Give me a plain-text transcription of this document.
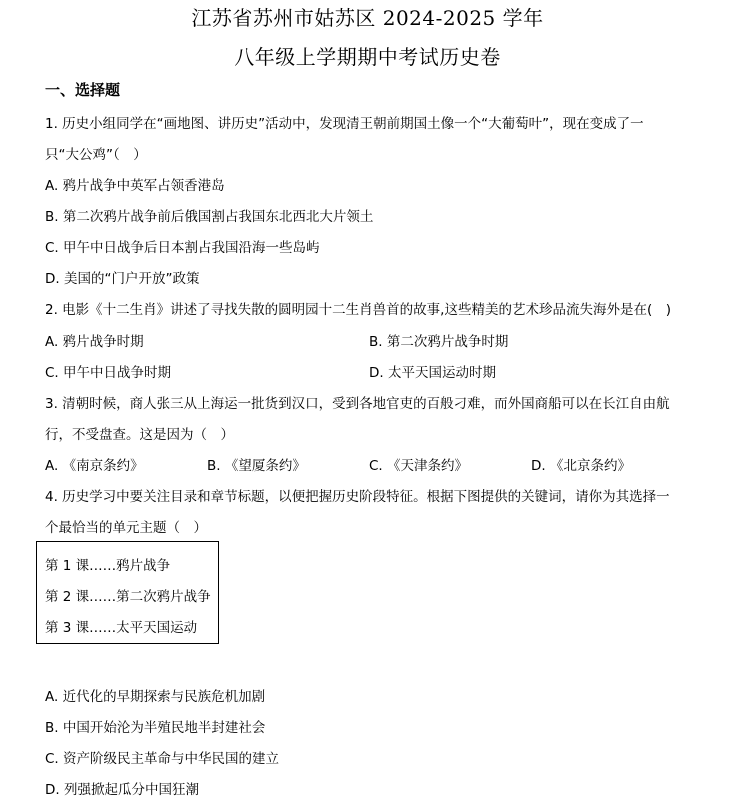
江苏省苏州市姑苏区 2024-2025 学年
八年级上学期期中考试历史卷
一、选择题
1. 历史小组同学在“画地图、讲历史”活动中，发现清王朝前期国土像一个“大葡萄叶”，现在变成了一
只“大公鸡”（　）
A. 鸦片战争中英军占领香港岛
B. 第二次鸦片战争前后俄国割占我国东北西北大片领土
C. 甲午中日战争后日本割占我国沿海一些岛屿
D. 美国的“门户开放”政策
2. 电影《十二生肖》讲述了寻找失散的圆明园十二生肖兽首的故事,这些精美的艺术珍品流失海外是在(　)
A. 鸦片战争时期	B. 第二次鸦片战争时期
C. 甲午中日战争时期	D. 太平天国运动时期
3. 清朝时候，商人张三从上海运一批货到汉口，受到各地官吏的百般刁难，而外国商船可以在长江自由航
行，不受盘查。这是因为（　）
A. 《南京条约》	B. 《望厦条约》	C. 《天津条约》	D. 《北京条约》
4. 历史学习中要关注目录和章节标题，以便把握历史阶段特征。根据下图提供的关键词，请你为其选择一
个最恰当的单元主题（　）
第 1 课……鸦片战争
第 2 课……第二次鸦片战争
第 3 课……太平天国运动
A. 近代化的早期探索与民族危机加剧
B. 中国开始沦为半殖民地半封建社会
C. 资产阶级民主革命与中华民国的建立
D. 列强掀起瓜分中国狂潮
